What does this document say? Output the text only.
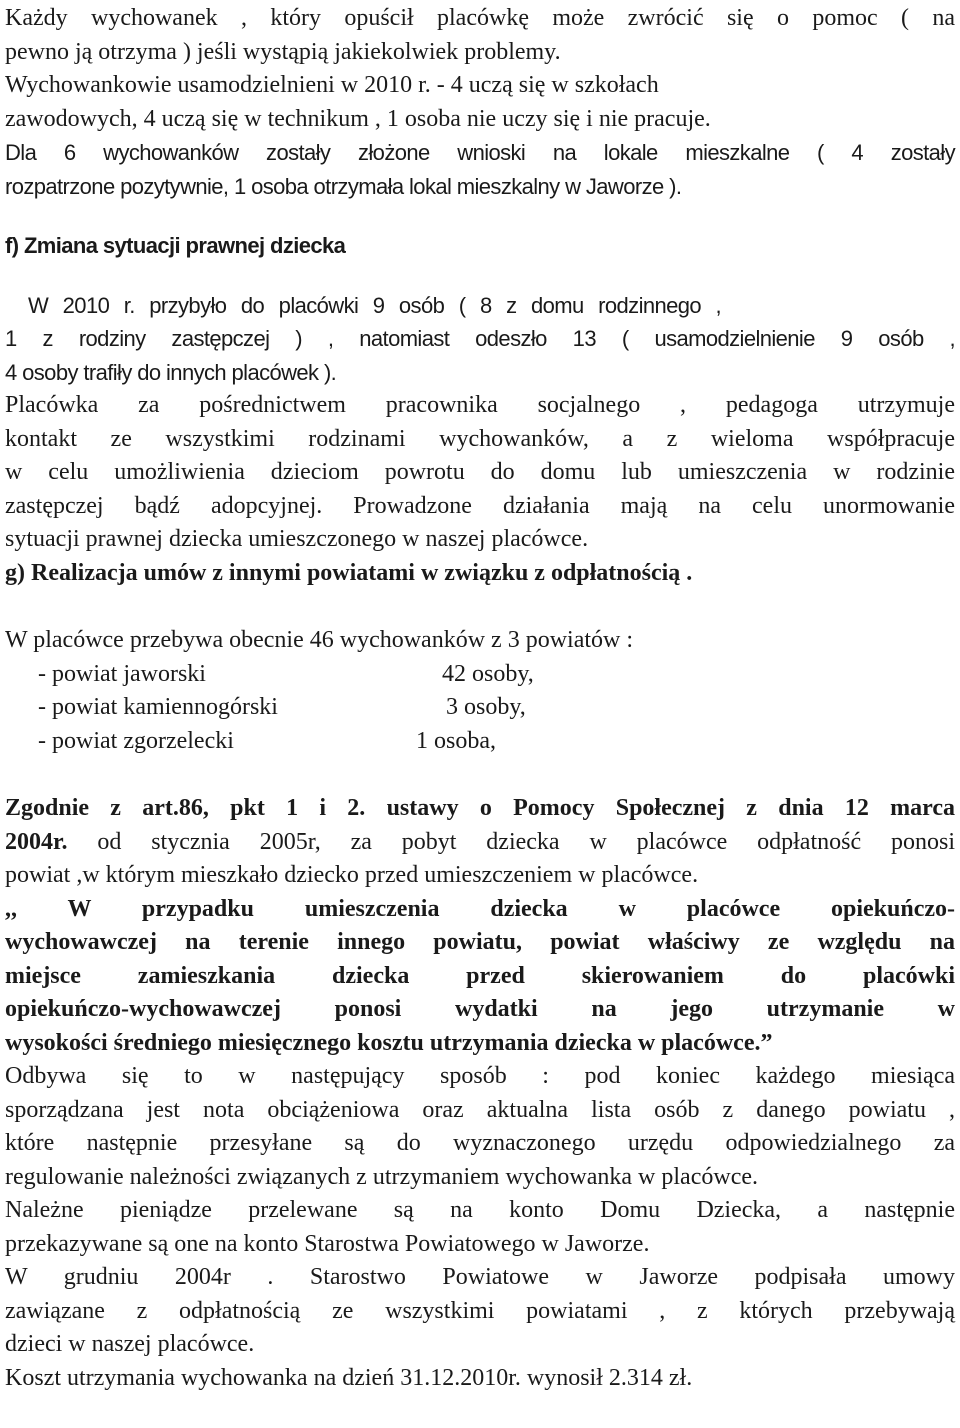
Każdy wychowanek , który opuścił placówkę może zwrócić się o pomoc ( na
pewno ją otrzyma ) jeśli wystąpią jakiekolwiek problemy.
Wychowankowie usamodzielnieni w 2010 r. - 4 uczą się w szkołach
zawodowych, 4 uczą się w technikum , 1 osoba nie uczy się i nie pracuje.
Dla 6 wychowanków zostały złożone wnioski na lokale mieszkalne ( 4 zostały
rozpatrzone pozytywnie, 1 osoba otrzymała lokal mieszkalny w Jaworze ).
f) Zmiana sytuacji prawnej dziecka
W 2010 r. przybyło do placówki 9 osób ( 8 z domu rodzinnego ,
1 z rodziny zastępczej ) , natomiast odeszło 13 ( usamodzielnienie 9 osób ,
4 osoby trafiły do innych placówek ).
Placówka za pośrednictwem pracownika socjalnego , pedagoga utrzymuje
kontakt ze wszystkimi rodzinami wychowanków, a z wieloma współpracuje
w celu umożliwienia dzieciom powrotu do domu lub umieszczenia w rodzinie
zastępczej bądź adopcyjnej. Prowadzone działania mają na celu unormowanie
sytuacji prawnej dziecka umieszczonego w naszej placówce.
g) Realizacja umów z innymi powiatami w związku z odpłatnością .
W placówce przebywa obecnie 46 wychowanków z 3 powiatów :
- powiat jaworski	42 osoby,
- powiat kamiennogórski	3 osoby,
- powiat zgorzelecki	1 osoba,
Zgodnie z art.86, pkt 1 i 2. ustawy o Pomocy Społecznej z dnia 12 marca
2004r. od stycznia 2005r, za pobyt dziecka w placówce odpłatność ponosi
powiat ,w którym mieszkało dziecko przed umieszczeniem w placówce.
,, W przypadku umieszczenia dziecka w placówce opiekuńczo-
wychowawczej na terenie innego powiatu, powiat właściwy ze względu na
miejsce zamieszkania dziecka przed skierowaniem do placówki
opiekuńczo-wychowawczej ponosi wydatki na jego utrzymanie w
wysokości średniego miesięcznego kosztu utrzymania dziecka w placówce.”
Odbywa się to w następujący sposób : pod koniec każdego miesiąca
sporządzana jest nota obciążeniowa oraz aktualna lista osób z danego powiatu ,
które następnie przesyłane są do wyznaczonego urzędu odpowiedzialnego za
regulowanie należności związanych z utrzymaniem wychowanka w placówce.
Należne pieniądze przelewane są na konto Domu Dziecka, a następnie
przekazywane są one na konto Starostwa Powiatowego w Jaworze.
W grudniu 2004r . Starostwo Powiatowe w Jaworze podpisała umowy
zawiązane z odpłatnością ze wszystkimi powiatami , z których przebywają
dzieci w naszej placówce.
Koszt utrzymania wychowanka na dzień 31.12.2010r. wynosił 2.314 zł.
